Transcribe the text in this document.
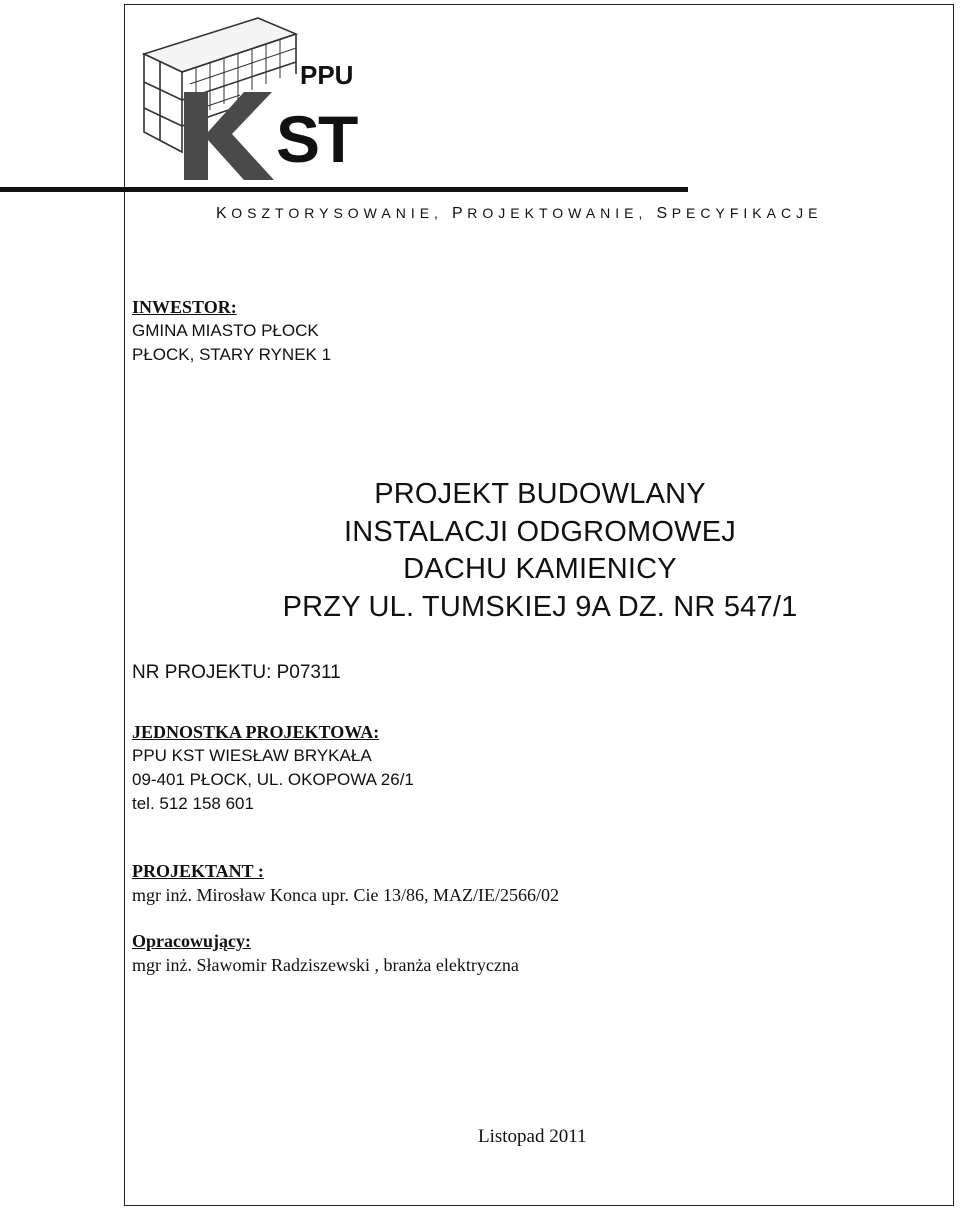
PPU
ST
KOSZTORYSOWANIE, PROJEKTOWANIE, SPECYFIKACJE
INWESTOR:
GMINA MIASTO PŁOCK
PŁOCK, STARY RYNEK 1
PROJEKT BUDOWLANY
INSTALACJI ODGROMOWEJ
DACHU KAMIENICY
PRZY UL. TUMSKIEJ 9A DZ. NR 547/1
NR PROJEKTU: P07311
JEDNOSTKA PROJEKTOWA:
PPU KST WIESŁAW BRYKAŁA
09-401 PŁOCK, UL. OKOPOWA 26/1
tel. 512 158 601
PROJEKTANT :
mgr inż. Mirosław Konca upr. Cie 13/86, MAZ/IE/2566/02
Opracowujący:
mgr inż. Sławomir Radziszewski , branża elektryczna
Listopad 2011
